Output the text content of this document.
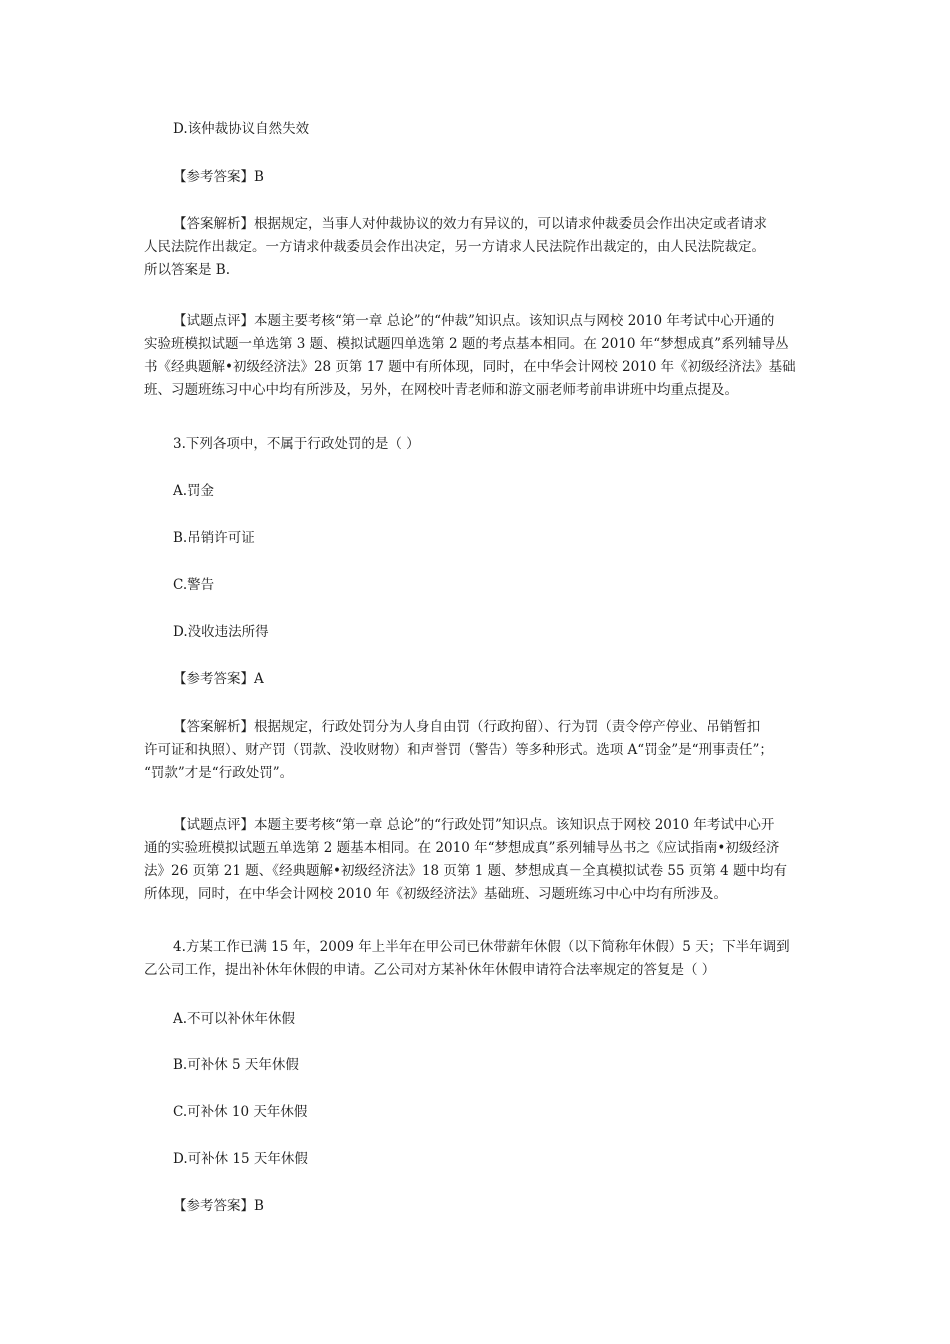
D.该仲裁协议自然失效
【参考答案】B
【答案解析】根据规定，当事人对仲裁协议的效力有异议的，可以请求仲裁委员会作出决定或者请求
人民法院作出裁定。一方请求仲裁委员会作出决定，另一方请求人民法院作出裁定的，由人民法院裁定。
所以答案是 B.
【试题点评】本题主要考核“第一章 总论”的“仲裁”知识点。该知识点与网校 2010 年考试中心开通的
实验班模拟试题一单选第 3 题、模拟试题四单选第 2 题的考点基本相同。在 2010 年“梦想成真”系列辅导丛
书《经典题解•初级经济法》28 页第 17 题中有所体现，同时，在中华会计网校 2010 年《初级经济法》基础
班、习题班练习中心中均有所涉及，另外，在网校叶青老师和游文丽老师考前串讲班中均重点提及。
3.下列各项中，不属于行政处罚的是（ ）
A.罚金
B.吊销许可证
C.警告
D.没收违法所得
【参考答案】A
【答案解析】根据规定，行政处罚分为人身自由罚（行政拘留）、行为罚（责令停产停业、吊销暂扣
许可证和执照）、财产罚（罚款、没收财物）和声誉罚（警告）等多种形式。选项 A“罚金”是“刑事责任”；
“罚款”才是“行政处罚”。
【试题点评】本题主要考核“第一章 总论”的“行政处罚”知识点。该知识点于网校 2010 年考试中心开
通的实验班模拟试题五单选第 2 题基本相同。在 2010 年“梦想成真”系列辅导丛书之《应试指南•初级经济
法》26 页第 21 题、《经典题解•初级经济法》18 页第 1 题、梦想成真－全真模拟试卷 55 页第 4 题中均有
所体现，同时，在中华会计网校 2010 年《初级经济法》基础班、习题班练习中心中均有所涉及。
4.方某工作已满 15 年，2009 年上半年在甲公司已休带薪年休假（以下简称年休假）5 天；下半年调到
乙公司工作，提出补休年休假的申请。乙公司对方某补休年休假申请符合法率规定的答复是（ ）
A.不可以补休年休假
B.可补休 5 天年休假
C.可补休 10 天年休假
D.可补休 15 天年休假
【参考答案】B
